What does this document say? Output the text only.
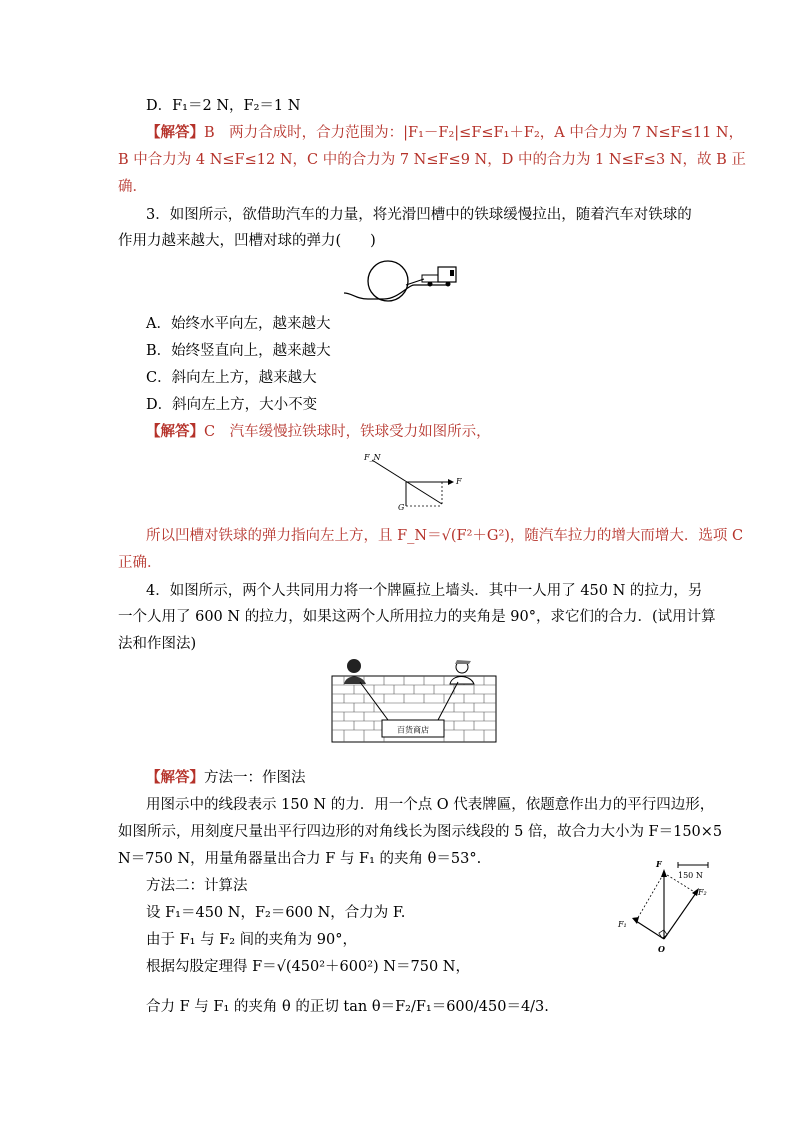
D．F₁＝2 N，F₂＝1 N
【解答】B　两力合成时，合力范围为：|F₁－F₂|≤F≤F₁＋F₂，A 中合力为 7 N≤F≤11 N，
B 中合力为 4 N≤F≤12 N，C 中的合力为 7 N≤F≤9 N，D 中的合力为 1 N≤F≤3 N，故 B 正
确．
3．如图所示，欲借助汽车的力量，将光滑凹槽中的铁球缓慢拉出，随着汽车对铁球的
作用力越来越大，凹槽对球的弹力(　　)
A．始终水平向左，越来越大
B．始终竖直向上，越来越大
C．斜向左上方，越来越大
D．斜向左上方，大小不变
【解答】C　汽车缓慢拉铁球时，铁球受力如图所示，
F_N
F
G
所以凹槽对铁球的弹力指向左上方，且 F_N＝√(F²＋G²)，随汽车拉力的增大而增大．选项 C
正确．
4．如图所示，两个人共同用力将一个牌匾拉上墙头．其中一人用了 450 N 的拉力，另
一个人用了 600 N 的拉力，如果这两个人所用拉力的夹角是 90°，求它们的合力．(试用计算
法和作图法)
百货商店
【解答】方法一：作图法
用图示中的线段表示 150 N 的力．用一个点 O 代表牌匾，依题意作出力的平行四边形，
如图所示，用刻度尺量出平行四边形的对角线长为图示线段的 5 倍，故合力大小为 F＝150×5
N＝750 N，用量角器量出合力 F 与 F₁ 的夹角 θ＝53°.
方法二：计算法
设 F₁＝450 N，F₂＝600 N，合力为 F.
由于 F₁ 与 F₂ 间的夹角为 90°，
根据勾股定理得 F＝√(450²＋600²) N＝750 N，
合力 F 与 F₁ 的夹角 θ 的正切 tan θ＝F₂/F₁＝600/450＝4/3.
F
150 N
F₂
F₁
O
